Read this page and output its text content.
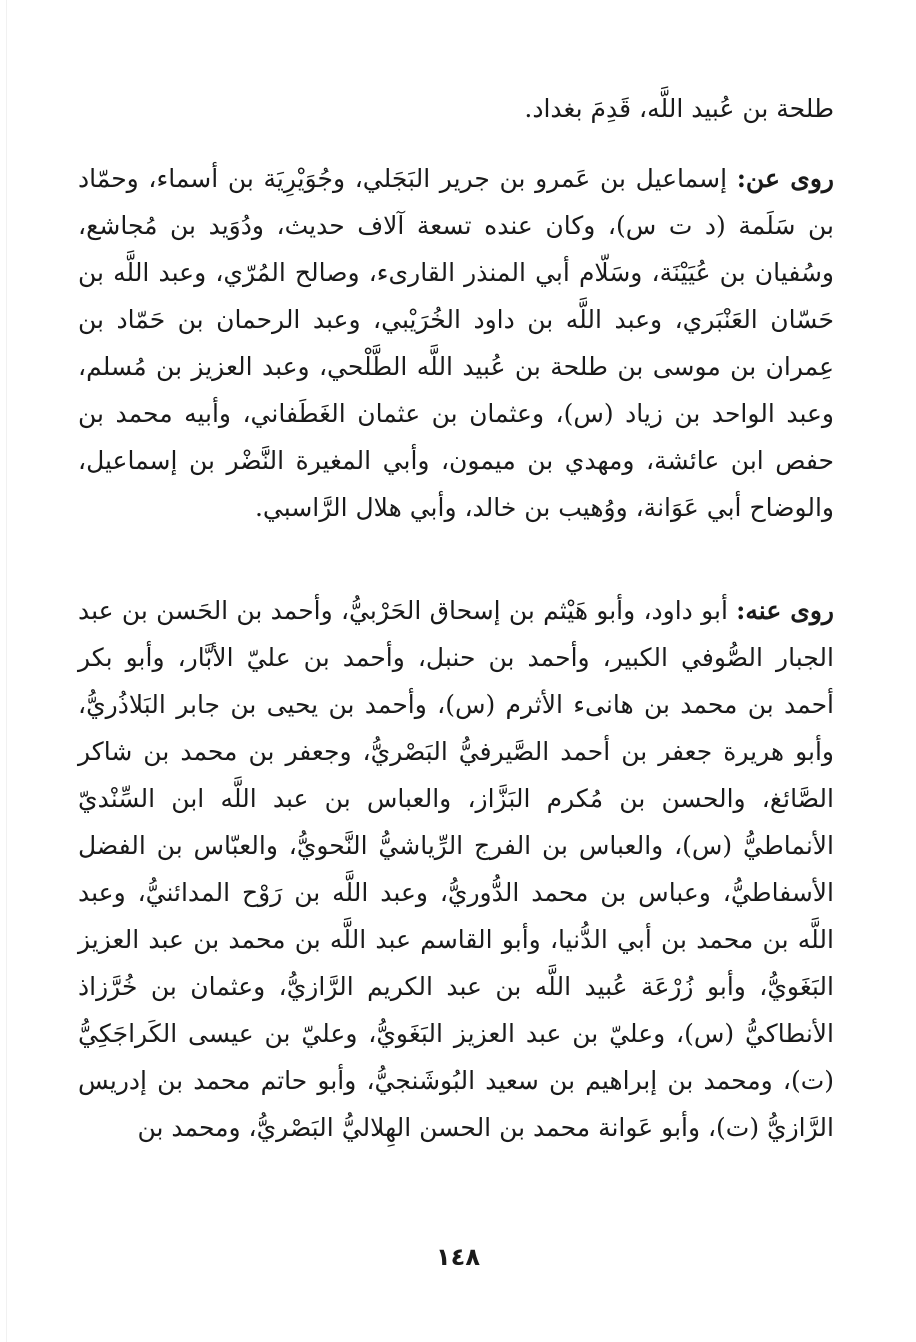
طلحة بن عُبيد اللَّه، قَدِمَ بغداد.

روى عن: إسماعيل بن عَمرو بن جرير البَجَلي، وجُوَيْرِيَة بن أسماء، وحمّاد بن سَلَمة (د ت س)، وكان عنده تسعة آلاف حديث، ودُوَيد بن مُجاشع، وسُفيان بن عُيَيْنَة، وسَلّام أبي المنذر القارىء، وصالح المُرّي، وعبد اللَّه بن حَسّان العَنْبَري، وعبد اللَّه بن داود الخُرَيْبي، وعبد الرحمان بن حَمّاد بن عِمران بن موسى بن طلحة بن عُبيد اللَّه الطَّلْحي، وعبد العزيز بن مُسلم، وعبد الواحد بن زياد (س)، وعثمان بن عثمان الغَطَفاني، وأبيه محمد بن حفص ابن عائشة، ومهدي بن ميمون، وأبي المغيرة النَّضْر بن إسماعيل، والوضاح أبي عَوَانة، ووُهيب بن خالد، وأبي هلال الرَّاسبي.

روى عنه: أبو داود، وأبو هَيْثم بن إسحاق الحَرْبيُّ، وأحمد بن الحَسن بن عبد الجبار الصُّوفي الكبير، وأحمد بن حنبل، وأحمد بن عليّ الأبَّار، وأبو بكر أحمد بن محمد بن هانىء الأثرم (س)، وأحمد بن يحيى بن جابر البَلاذُريُّ، وأبو هريرة جعفر بن أحمد الصَّيرفيُّ البَصْريُّ، وجعفر بن محمد بن شاكر الصَّائغ، والحسن بن مُكرم البَزَّاز، والعباس بن عبد اللَّه ابن السِّنْديّ الأنماطيُّ (س)، والعباس بن الفرج الرِّياشيُّ النَّحويُّ، والعبّاس بن الفضل الأسفاطيُّ، وعباس بن محمد الدُّوريُّ، وعبد اللَّه بن رَوْح المدائنيُّ، وعبد اللَّه بن محمد بن أبي الدُّنيا، وأبو القاسم عبد اللَّه بن محمد بن عبد العزيز البَغَويُّ، وأبو زُرْعَة عُبيد اللَّه بن عبد الكريم الرَّازيُّ، وعثمان بن خُرَّزاذ الأنطاكيُّ (س)، وعليّ بن عبد العزيز البَغَويُّ، وعليّ بن عيسى الكَراجَكِيُّ (ت)، ومحمد بن إبراهيم بن سعيد البُوشَنجيُّ، وأبو حاتم محمد بن إدريس الرَّازيُّ (ت)، وأبو عَوانة محمد بن الحسن الهِلاليُّ البَصْريُّ، ومحمد بن

١٤٨
